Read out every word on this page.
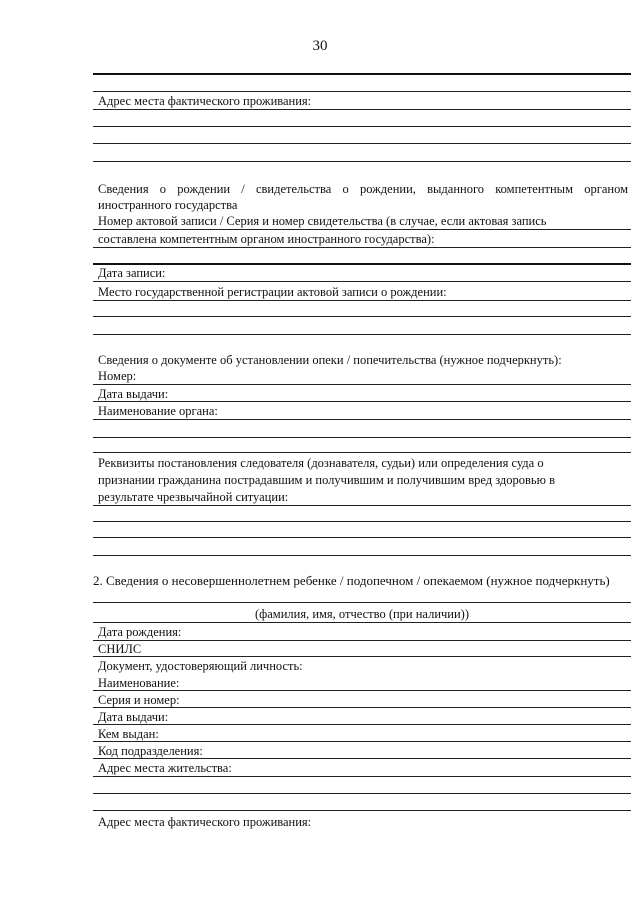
30
Адрес места фактического проживания:
Сведения о рождении / свидетельства о рождении, выданного компетентным органом
иностранного государства
Номер актовой записи / Серия и номер свидетельства (в случае, если актовая запись
составлена компетентным органом иностранного государства):
Дата записи:
Место государственной регистрации актовой записи о рождении:
Сведения о документе об установлении опеки / попечительства (нужное подчеркнуть):
Номер:
Дата выдачи:
Наименование органа:
Реквизиты постановления следователя (дознавателя, судьи) или определения суда о
признании гражданина пострадавшим и получившим и получившим вред здоровью в
результате чрезвычайной ситуации:
2. Сведения о несовершеннолетнем ребенке / подопечном / опекаемом (нужное подчеркнуть)
(фамилия, имя, отчество (при наличии))
Дата рождения:
СНИЛС
Документ, удостоверяющий личность:
Наименование:
Серия и номер:
Дата выдачи:
Кем выдан:
Код подразделения:
Адрес места жительства:
Адрес места фактического проживания:
